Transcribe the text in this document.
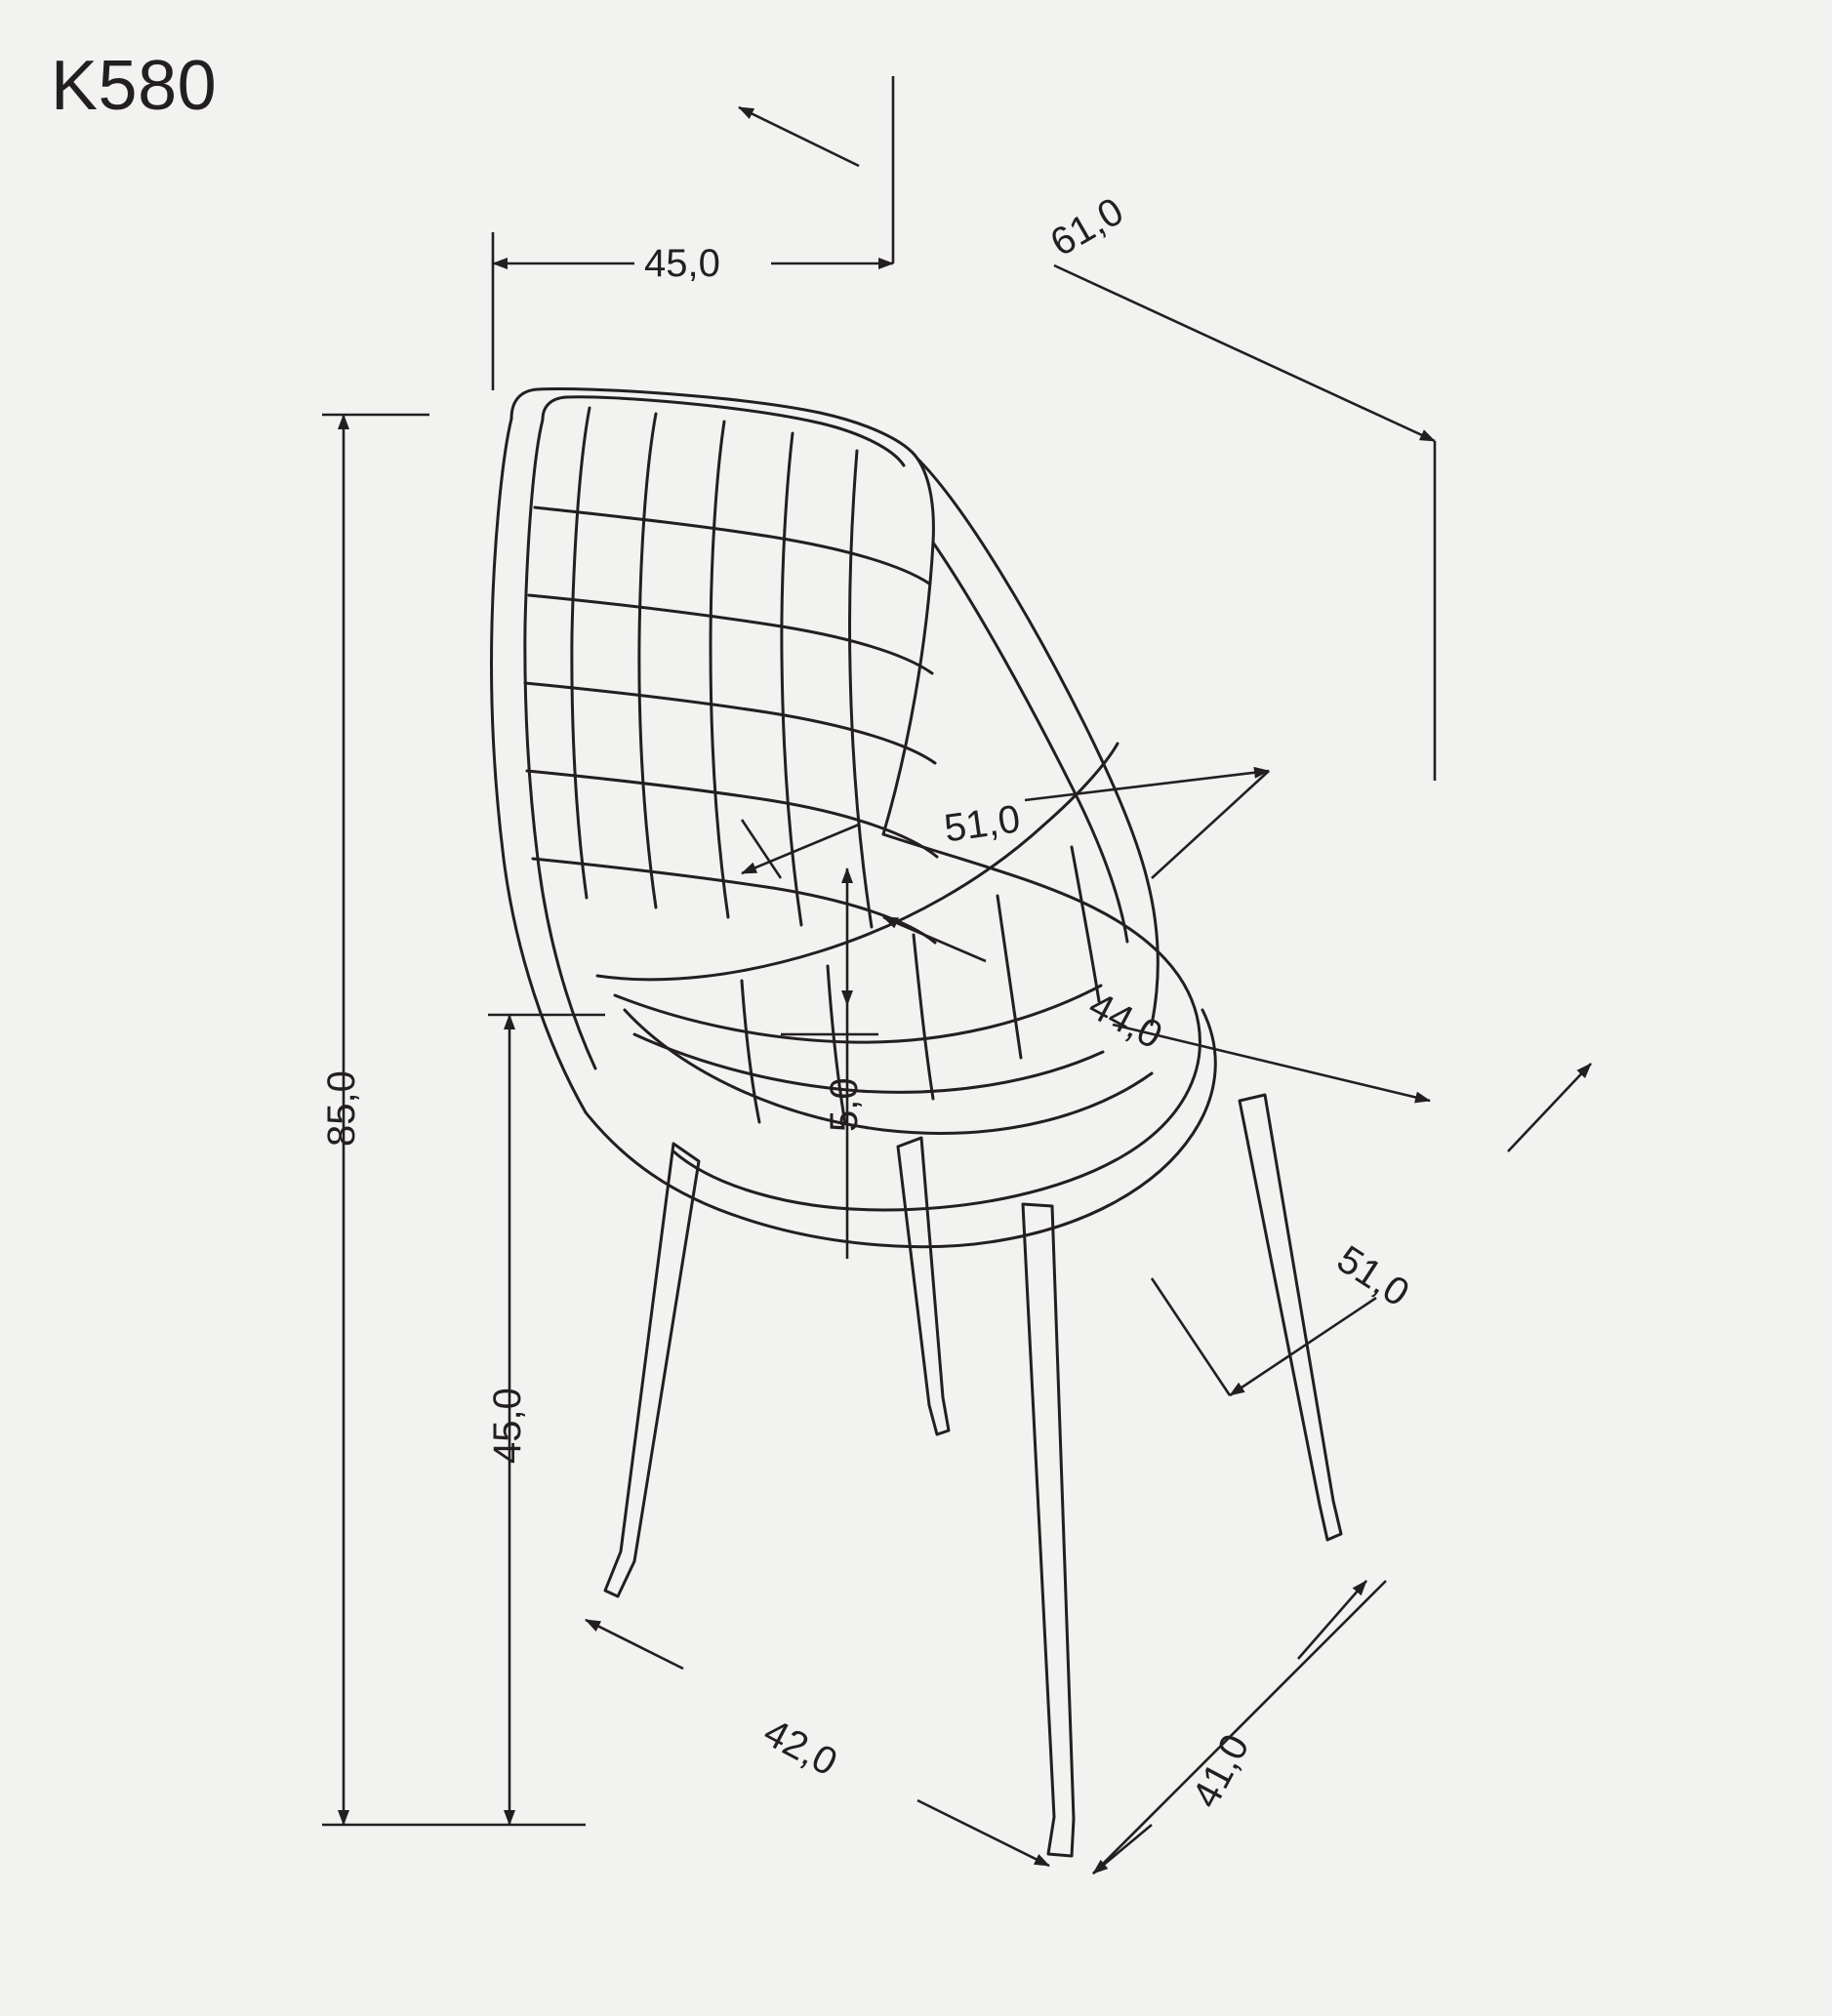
K580
45,0	61,0
51,0
44,0
51,0
5,0
85,0
45,0
42,0	41,0
